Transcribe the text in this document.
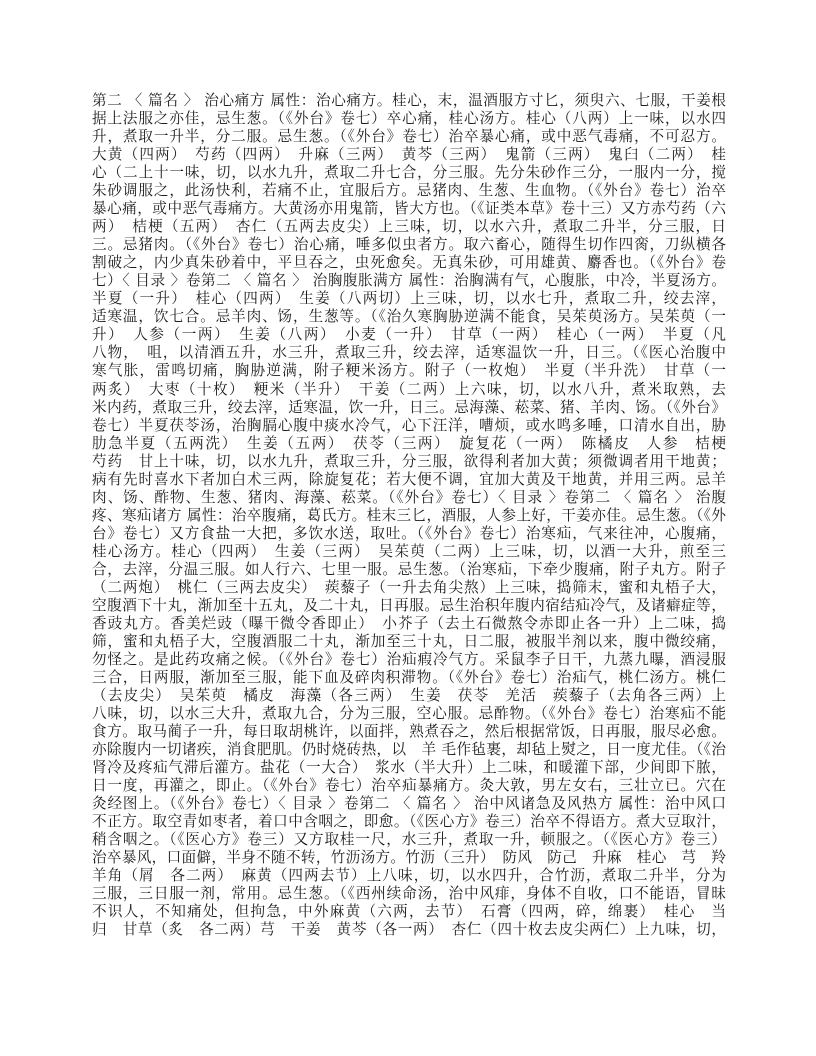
第二 〈 篇名 〉 治心痛方 属性：治心痛方。桂心，末，温酒服方寸匕，须臾六、七服，干姜根
据上法服之亦佳，忌生葱。（《外台》卷七）卒心痛，桂心汤方。桂心（八两）上一味，以水四
升，煮取一升半，分二服。忌生葱。（《外台》卷七）治卒暴心痛，或中恶气毒痛，不可忍方。
大黄（四两）　芍药（四两）　升麻（三两）　黄芩（三两）　鬼箭（三两）　鬼臼（二两）　桂
心（二上十一味，切，以水九升，煮取二升七合，分三服。先分朱砂作三分，一服内一分，搅
朱砂调服之，此汤快利，若痛不止，宜服后方。忌猪肉、生葱、生血物。（《外台》卷七）治卒
暴心痛，或中恶气毒痛方。大黄汤亦用鬼箭，皆大方也。（《证类本草》卷十三）又方赤芍药（六
两）　桔梗（五两）　杏仁（五两去皮尖）上三味，切，以水六升，煮取二升半，分三服，日
三。忌猪肉。（《外台》卷七）治心痛，唾多似虫者方。取六畜心，随得生切作四脔，刀纵横各
割破之，内少真朱砂着中，平旦吞之，虫死愈矣。无真朱砂，可用雄黄、麝香也。（《外台》卷
七）〈 目录 〉卷第二 〈 篇名 〉 治胸腹胀满方 属性：治胸满有气，心腹胀，中冷，半夏汤方。
半夏（一升）　桂心（四两）　生姜（八两切）上三味，切，以水七升，煮取二升，绞去滓，
适寒温，饮七合。忌羊肉、饧，生葱等。（《治久寒胸胁逆满不能食，吴茱萸汤方。吴茱萸（一
升）　人参（一两）　生姜（八两）　小麦（一升）　甘草（一两）　桂心（一两）　半夏（凡
八物，　咀，以清酒五升，水三升，煮取三升，绞去滓，适寒温饮一升，日三。（《医心治腹中
寒气胀，雷鸣切痛，胸胁逆满，附子粳米汤方。附子（一枚炮）　半夏（半升洗）　甘草（一
两炙）　大枣（十枚）　粳米（半升）　干姜（二两）上六味，切，以水八升，煮米取熟，去
米内药，煮取三升，绞去滓，适寒温，饮一升，日三。忌海藻、菘菜、猪、羊肉、饧。（《外台》
卷七）半夏茯苓汤，治胸膈心腹中痰水冷气，心下汪洋，嘈烦，或水鸣多唾，口清水自出，胁
肋急半夏（五两洗）　生姜（五两）　茯苓（三两）　旋复花（一两）　陈橘皮　人参　桔梗
芍药　甘上十味，切，以水九升，煮取三升，分三服，欲得利者加大黄；须微调者用干地黄；
病有先时喜水下者加白术三两，除旋复花；若大便不调，宜加大黄及干地黄，并用三两。忌羊
肉、饧、酢物、生葱、猪肉、海藻、菘菜。（《外台》卷七）〈 目录 〉卷第二 〈 篇名 〉 治腹
疼、寒疝诸方 属性：治卒腹痛，葛氏方。桂末三匕，酒服，人参上好，干姜亦佳。忌生葱。（《外
台》卷七）又方食盐一大把，多饮水送，取吐。（《外台》卷七）治寒疝，气来往冲，心腹痛，
桂心汤方。桂心（四两）　生姜（三两）　吴茱萸（二两）上三味，切，以酒一大升，煎至三
合，去滓，分温三服。如人行六、七里一服。忌生葱。（治寒疝，下牵少腹痛，附子丸方。附子
（二两炮）　桃仁（三两去皮尖）　蒺藜子（一升去角尖熬）上三味，捣筛末，蜜和丸梧子大，
空腹酒下十丸，渐加至十五丸，及二十丸，日再服。忌生治积年腹内宿结疝冷气，及诸癖症等，
香豉丸方。香美烂豉（曝干微令香即止）　小芥子（去土石微熬令赤即止各一升）上二味，捣
筛，蜜和丸梧子大，空腹酒服二十丸，渐加至三十丸，日二服，被服半剂以来，腹中微绞痛，
勿怪之。是此药攻痛之候。（《外台》卷七）治疝瘕冷气方。采鼠李子日干，九蒸九曝，酒浸服
三合，日两服，渐加至三服，能下血及碎肉积滞物。（《外台》卷七）治疝气，桃仁汤方。桃仁
（去皮尖）　吴茱萸　橘皮　海藻（各三两）　生姜　茯苓　羌活　蒺藜子（去角各三两）上
八味，切，以水三大升，煮取九合，分为三服，空心服。忌酢物。（《外台》卷七）治寒疝不能
食方。取马蔺子一升，每日取胡桃许，以面拌，熟煮吞之，然后根据常饭，日再服，服尽必愈。
亦除腹内一切诸疾，消食肥肌。仍时烧砖热，以　羊 毛作毡裹，却毡上熨之，日一度尤佳。（《治
肾冷及疼疝气滞后灌方。盐花（一大合）　浆水（半大升）上二味，和暖灌下部，少间即下脓，
日一度，再灌之，即止。（《外台》卷七）治卒疝暴痛方。灸大敦，男左女右，三壮立已。穴在
灸经图上。（《外台》卷七）〈 目录 〉卷第二 〈 篇名 〉 治中风诸急及风热方 属性：治中风口
不正方。取空青如枣者，着口中含咽之，即愈。（《医心方》卷三）治卒不得语方。煮大豆取汁，
稍含咽之。（《医心方》卷三）又方取桂一尺，水三升，煮取一升，顿服之。（《医心方》卷三）
治卒暴风，口面僻，半身不随不转，竹沥汤方。竹沥（三升）　防风　防己　升麻　桂心　芎　羚
羊角（屑　各二两）　麻黄（四两去节）上八味，切，以水四升，合竹沥，煮取二升半，分为
三服，三日服一剂，常用。忌生葱。（《西州续命汤，治中风痱，身体不自收，口不能语，冒昧
不识人，不知痛处，但拘急，中外麻黄（六两，去节）　石膏（四两，碎，绵裹）　桂心　当
归　甘草（炙　各二两）芎　干姜　黄芩（各一两）　杏仁（四十枚去皮尖两仁）上九味，切，
